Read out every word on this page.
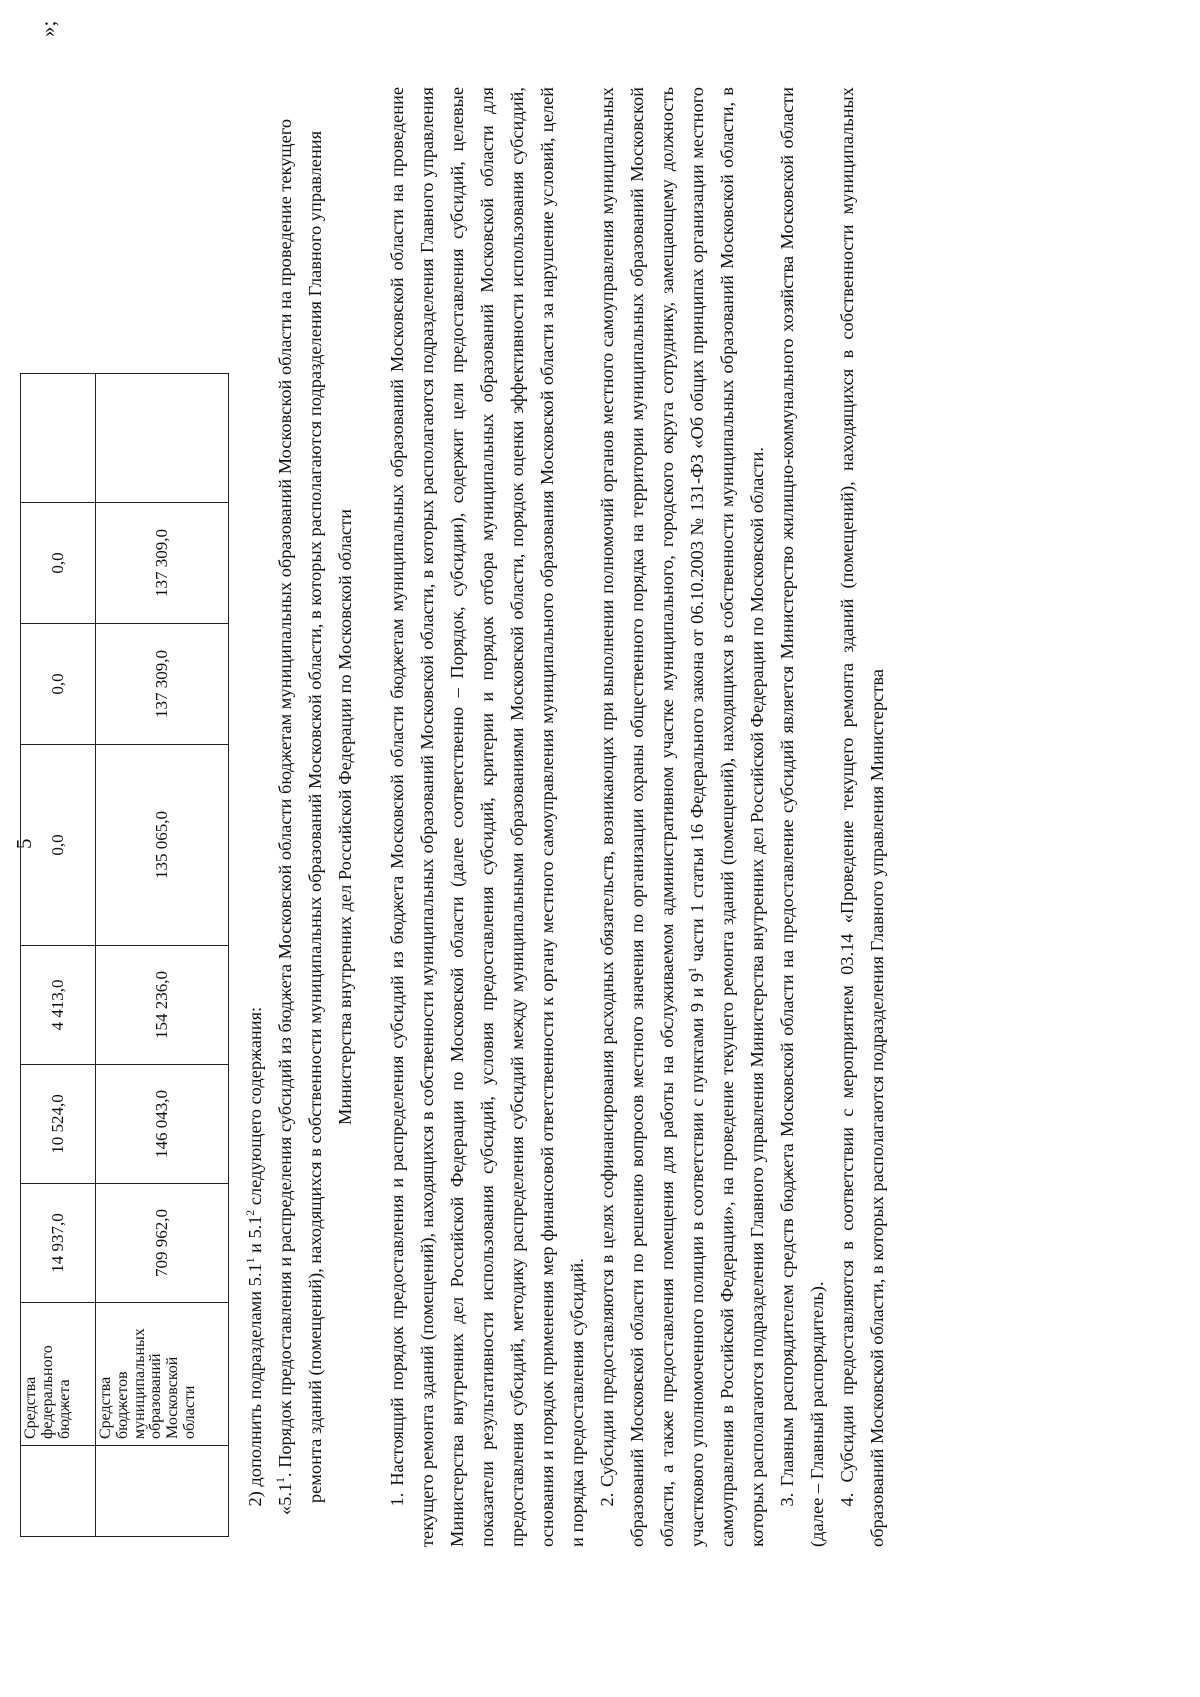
5
	Средства федерального бюджета	14 937,0	10 524,0	4 413,0	0,0	0,0	0,0	
	Средства бюджетов муниципальных образований Московской области	709 962,0	146 043,0	154 236,0	135 065,0	137 309,0	137 309,0	
»;

2) дополнить подразделами $5.1^1$ и $5.1^2$ следующего содержания:

«$5.1^1$. Порядок предоставления и распределения субсидий из бюджета Московской области бюджетам муниципальных образований Московской области на проведение текущего ремонта зданий (помещений), находящихся в собственности муниципальных образований Московской области, в которых располагаются подразделения Главного управления Министерства внутренних дел Российской Федерации по Московской области 1. Настоящий порядок предоставления и распределения субсидий из бюджета Московской области бюджетам муниципальных образований Московской области на проведение текущего ремонта зданий (помещений), находящихся в собственности муниципальных образований Московской области, в которых располагаются подразделения Главного управления Министерства внутренних дел Российской Федерации по Московской области (далее соответственно – Порядок, субсидии), содержит цели предоставления субсидий, целевые показатели результативности использования субсидий, условия предоставления субсидий, критерии и порядок отбора муниципальных образований Московской области для предоставления субсидий, методику распределения субсидий между муниципальными образованиями Московской области, порядок оценки эффективности использования субсидий, основания и порядок применения мер финансовой ответственности к органу местного самоуправления муниципального образования Московской области за нарушение условий, целей и порядка предоставления субсидий. 2. Субсидии предоставляются в целях софинансирования расходных обязательств, возникающих при выполнении полномочий органов местного самоуправления муниципальных образований Московской области по решению вопросов местного значения по организации охраны общественного порядка на территории муниципальных образований Московской области, а также предоставления помещения для работы на обслуживаемом административном участке муниципального, городского округа сотруднику, замещающему должность участкового уполномоченного полиции в соответствии с пунктами 9 и $9^1$ части 1 статьи 16 Федерального закона от 06.10.2003 № 131-ФЗ «Об общих принципах организации местного самоуправления в Российской Федерации», на проведение текущего ремонта зданий (помещений), находящихся в собственности муниципальных образований Московской области, в которых располагаются подразделения Главного управления Министерства внутренних дел Российской Федерации по Московской области. 3. Главным распорядителем средств бюджета Московской области на предоставление субсидий является Министерство жилищно-коммунального хозяйства Московской области (далее – Главный распорядитель). 4. Субсидии предоставляются в соответствии с мероприятием 03.14 «Проведение текущего ремонта зданий (помещений), находящихся в собственности муниципальных образований Московской области, в которых располагаются подразделения Главного управления Министерства
